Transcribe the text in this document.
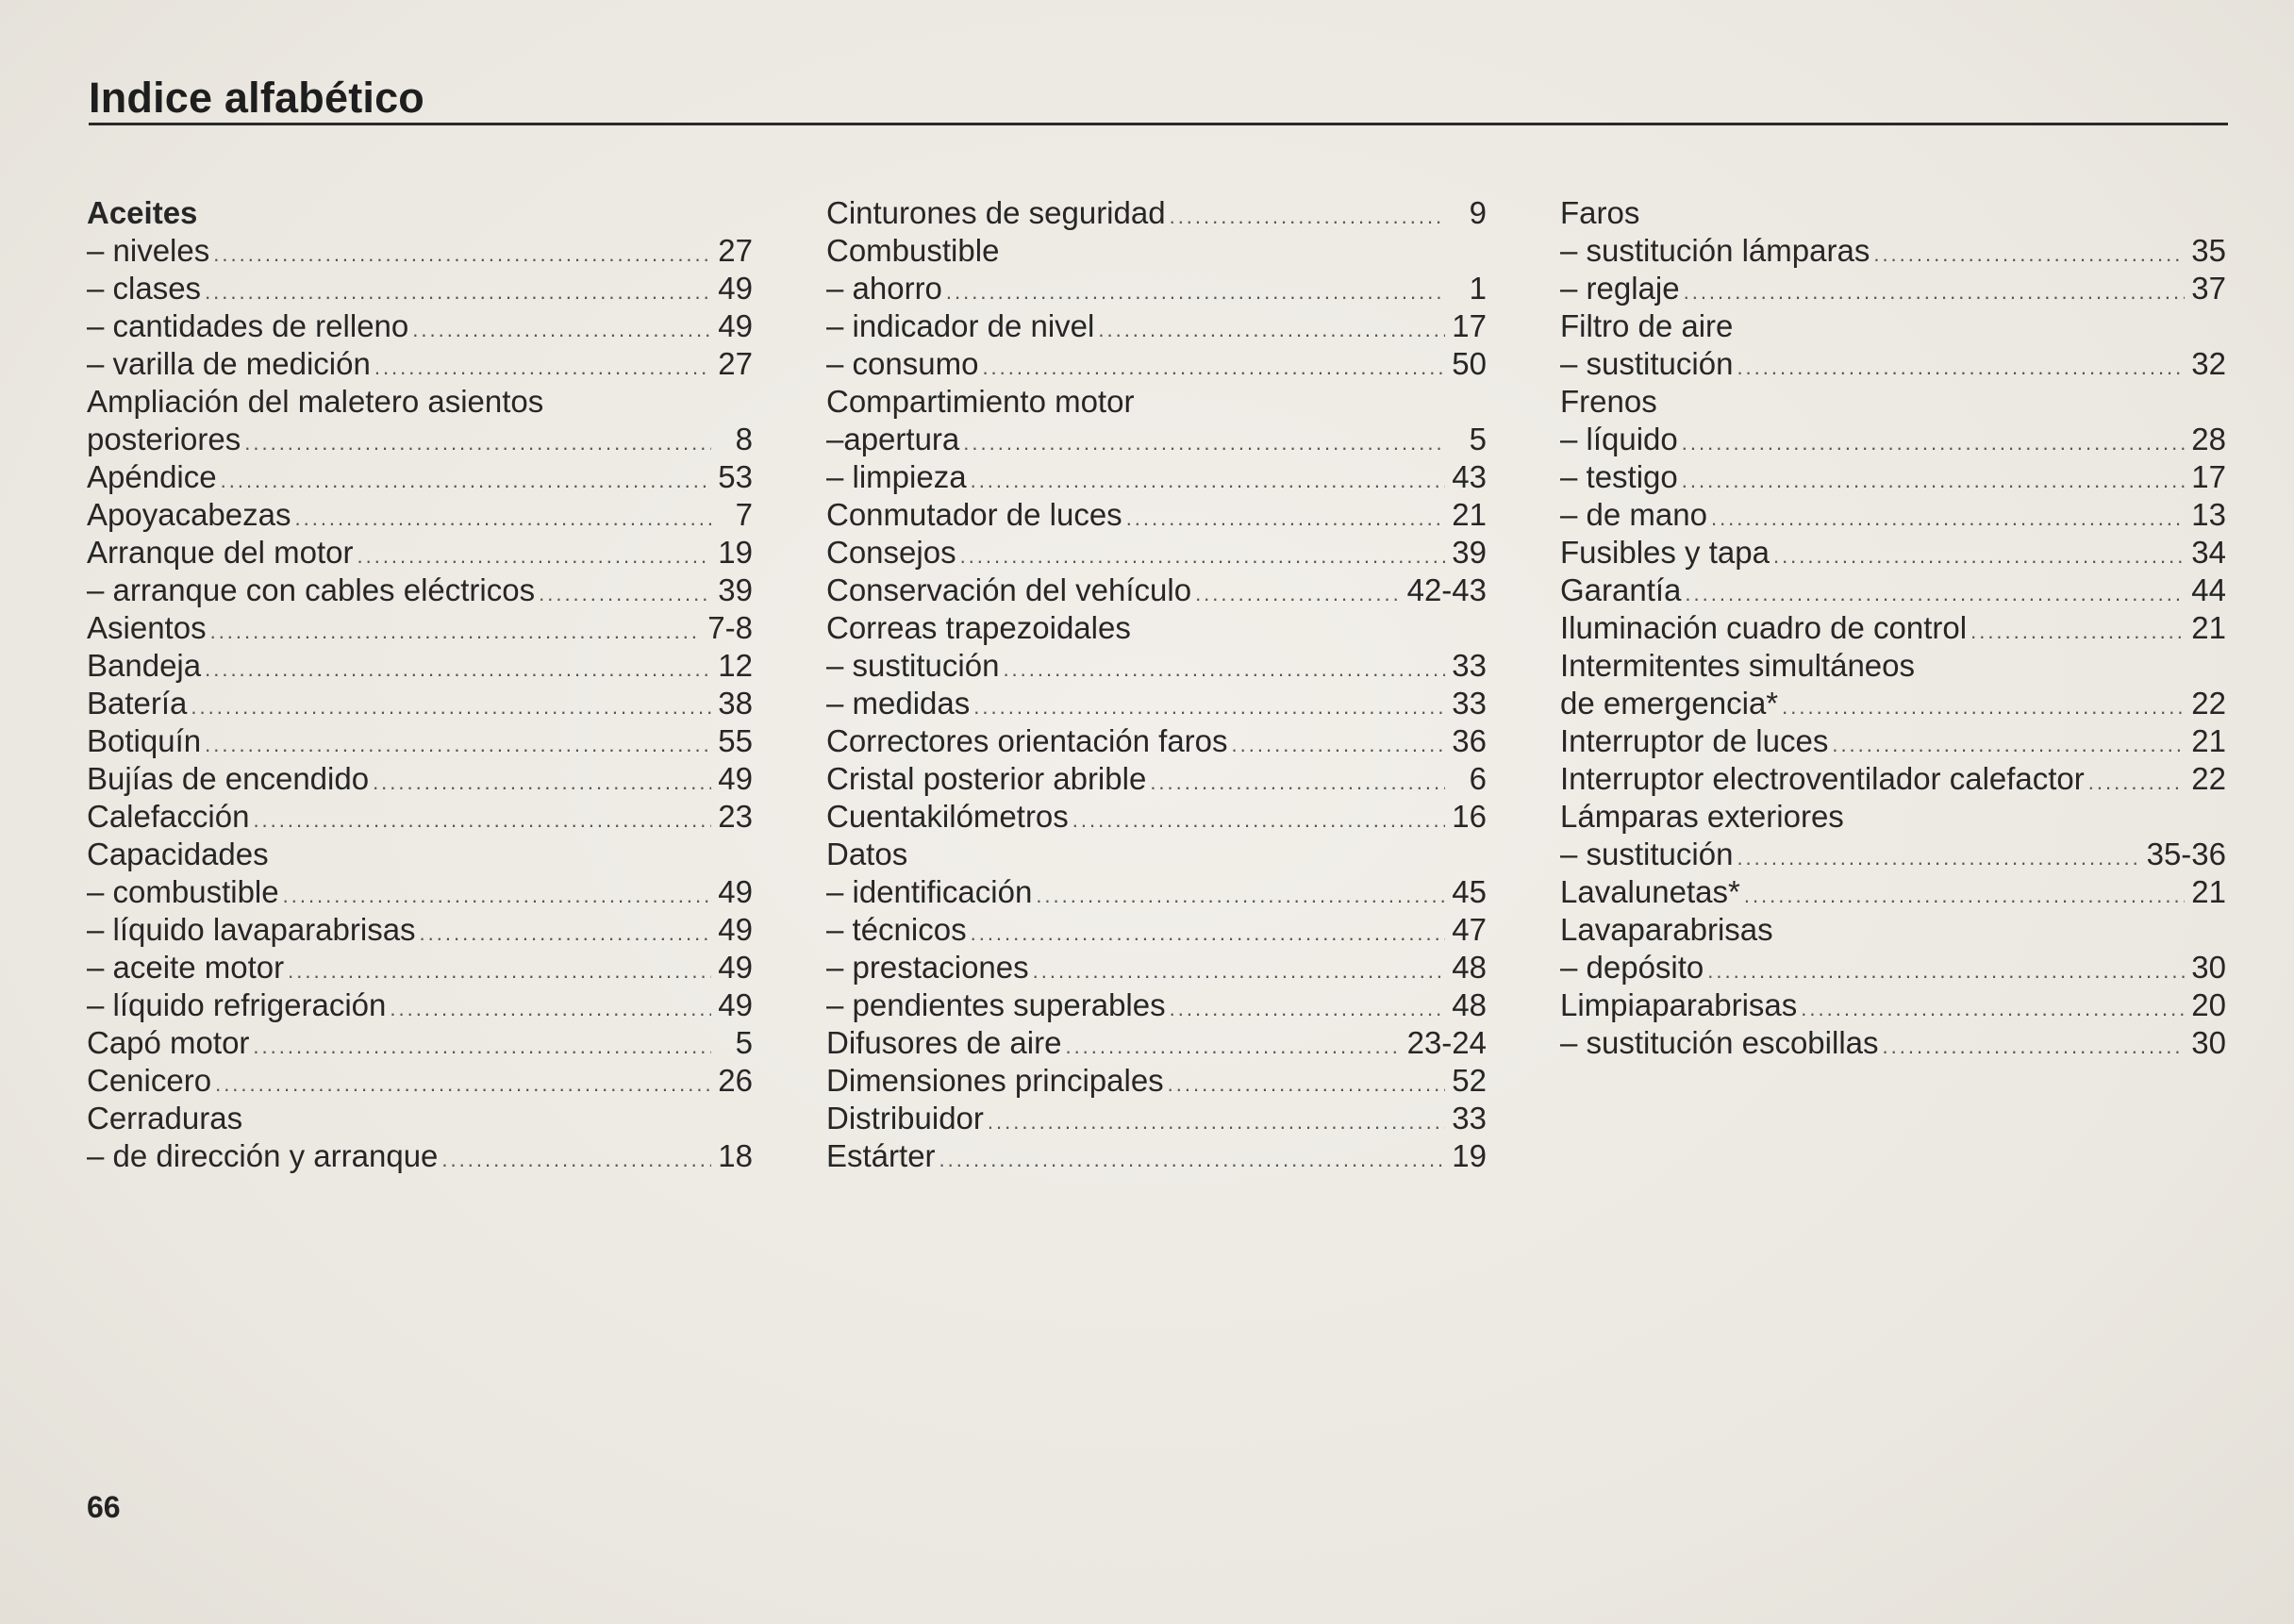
Indice alfabético
Aceites
– niveles .....	27
– clases .....	49
– cantidades de relleno .....	49
– varilla de medición .....	27
Ampliación del maletero asientos
posteriores .....	8
Apéndice .....	53
Apoyacabezas .....	7
Arranque del motor .....	19
– arranque con cables eléctricos .....	39
Asientos .....	7-8
Bandeja .....	12
Batería .....	38
Botiquín .....	55
Bujías de encendido .....	49
Calefacción .....	23
Capacidades
– combustible .....	49
– líquido lavaparabrisas .....	49
– aceite motor .....	49
– líquido refrigeración .....	49
Capó motor .....	5
Cenicero .....	26
Cerraduras
– de dirección y arranque .....	18
Cinturones de seguridad .....	9
Combustible
– ahorro .....	1
– indicador de nivel .....	17
– consumo .....	50
Compartimiento motor
–apertura .....	5
– limpieza .....	43
Conmutador de luces .....	21
Consejos .....	39
Conservación del vehículo .....	42-43
Correas trapezoidales
– sustitución .....	33
– medidas .....	33
Correctores orientación faros .....	36
Cristal posterior abrible .....	6
Cuentakilómetros .....	16
Datos
– identificación .....	45
– técnicos .....	47
– prestaciones .....	48
– pendientes superables .....	48
Difusores de aire .....	23-24
Dimensiones principales .....	52
Distribuidor .....	33
Estárter .....	19
Faros
– sustitución lámparas .....	35
– reglaje .....	37
Filtro de aire
– sustitución .....	32
Frenos
– líquido .....	28
– testigo .....	17
– de mano .....	13
Fusibles y tapa .....	34
Garantía .....	44
Iluminación cuadro de control .....	21
Intermitentes simultáneos
de emergencia* .....	22
Interruptor de luces .....	21
Interruptor electroventilador calefactor .....	22
Lámparas exteriores
– sustitución .....	35-36
Lavalunetas* .....	21
Lavaparabrisas
– depósito .....	30
Limpiaparabrisas .....	20
– sustitución escobillas .....	30
66
